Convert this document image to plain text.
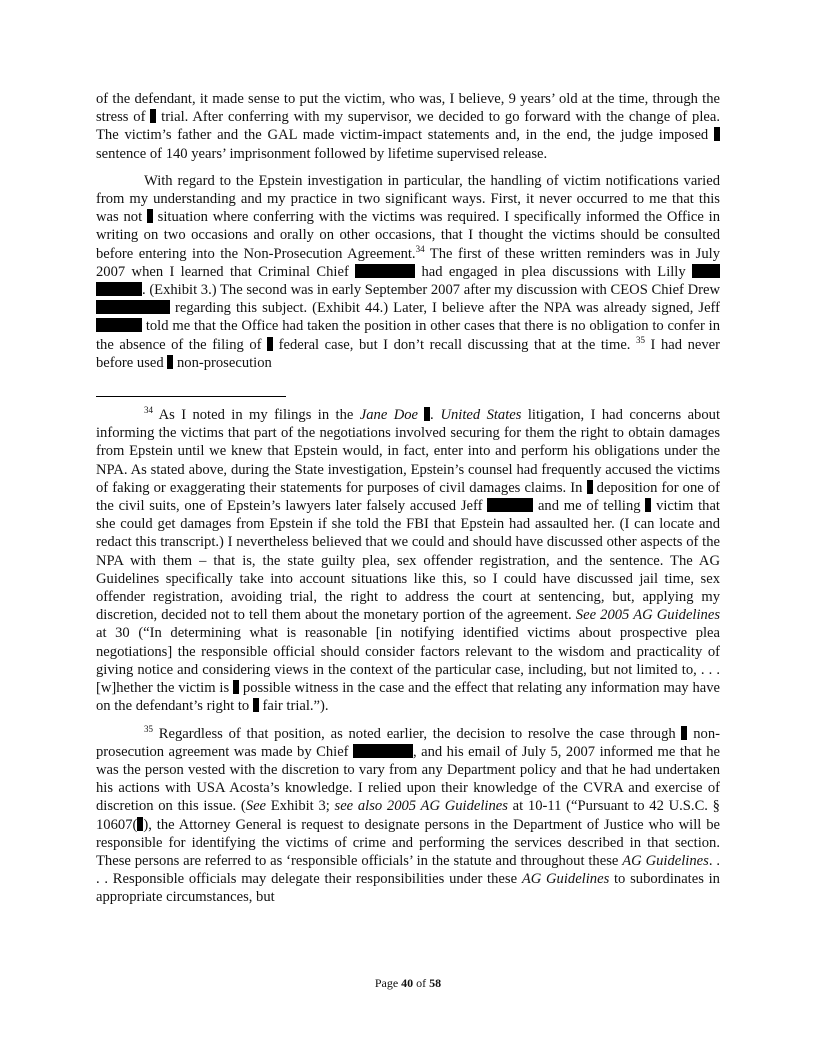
of the defendant, it made sense to put the victim, who was, I believe, 9 years’ old at the time, through the stress of  trial. After conferring with my supervisor, we decided to go forward with the change of plea. The victim’s father and the GAL made victim-impact statements and, in the end, the judge imposed  sentence of 140 years’ imprisonment followed by lifetime supervised release.

With regard to the Epstein investigation in particular, the handling of victim notifications varied from my understanding and my practice in two significant ways. First, it never occurred to me that this was not  situation where conferring with the victims was required. I specifically informed the Office in writing on two occasions and orally on other occasions, that I thought the victims should be consulted before entering into the Non-Prosecution Agreement.$^{34}$ The first of these written reminders was in July 2007 when I learned that Criminal Chief	had engaged in plea discussions with Lilly  . (Exhibit 3.) The second was in early September 2007 after my discussion with CEOS Chief Drew  regarding this subject. (Exhibit 44.) Later, I believe after the NPA was already signed, Jeff  told me that the Office had taken the position in other cases that there is no obligation to confer in the absence of the filing of  federal case, but I don’t recall discussing that at the time. $^{35}$ I had never before used  non-prosecution

$^{34}$ As I noted in my filings in the Jane Doe . United States litigation, I had concerns about informing the victims that part of the negotiations involved securing for them the right to obtain damages from Epstein until we knew that Epstein would, in fact, enter into and perform his obligations under the NPA. As stated above, during the State investigation, Epstein’s counsel had frequently accused the victims of faking or exaggerating their statements for purposes of civil damages claims. In  deposition for one of the civil suits, one of Epstein’s lawyers later falsely accused Jeff	and me of telling  victim that she could get damages from Epstein if she told the FBI that Epstein had assaulted her. (I can locate and redact this transcript.) I nevertheless believed that we could and should have discussed other aspects of the NPA with them – that is, the state guilty plea, sex offender registration, and the sentence. The AG Guidelines specifically take into account situations like this, so I could have discussed jail time, sex offender registration, avoiding trial, the right to address the court at sentencing, but, applying my discretion, decided not to tell them about the monetary portion of the agreement. See 2005 AG Guidelines at 30 (“In determining what is reasonable [in notifying identified victims about prospective plea negotiations] the responsible official should consider factors relevant to the wisdom and practicality of giving notice and considering views in the context of the particular case, including, but not limited to, . . . [w]hether the victim is  possible witness in the case and the effect that relating any information may have on the defendant’s right to  fair trial.”).

$^{35}$ Regardless of that position, as noted earlier, the decision to resolve the case through  non-prosecution agreement was made by Chief	, and his email of July 5, 2007 informed me that he was the person vested with the discretion to vary from any Department policy and that he had undertaken his actions with USA Acosta’s knowledge. I relied upon their knowledge of the CVRA and exercise of discretion on this issue. (See Exhibit 3; see also 2005 AG Guidelines at 10-11 (“Pursuant to 42 U.S.C. § 10607( ), the Attorney General is request to designate persons in the Department of Justice who will be responsible for identifying the victims of crime and performing the services described in that section. These persons are referred to as ‘responsible officials’ in the statute and throughout these AG Guidelines. . . . Responsible officials may delegate their responsibilities under these AG Guidelines to subordinates in appropriate circumstances, but

Page 40 of 58
